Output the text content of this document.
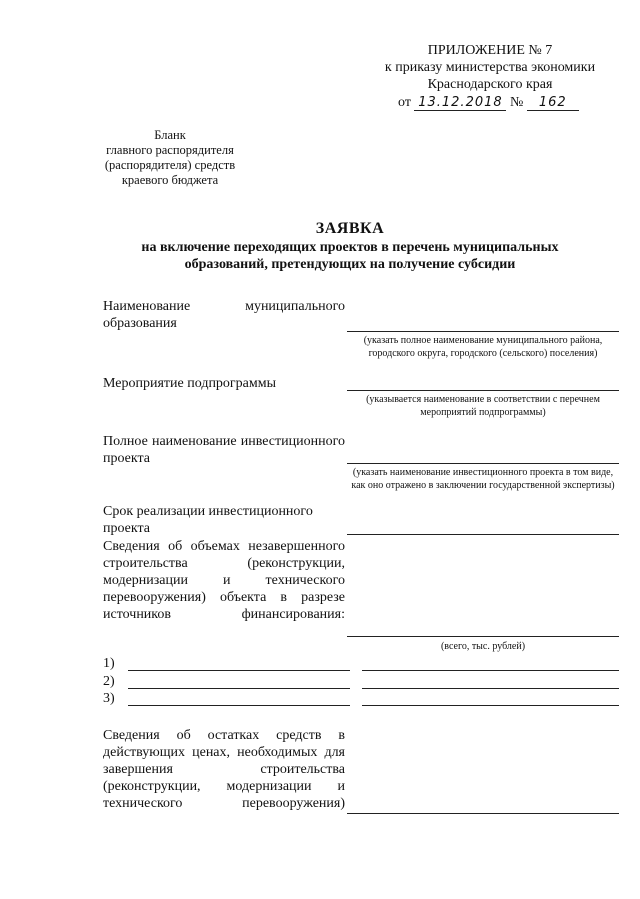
ПРИЛОЖЕНИЕ № 7
к приказу министерства экономики
Краснодарского края
от 13.12.2018 № 162
Бланк
главного распорядителя
(распорядителя) средств
краевого бюджета
ЗАЯВКА
на включение переходящих проектов в перечень муниципальных
образований, претендующих на получение субсидии
Наименование муниципального образования
(указать полное наименование муниципального района, городского округа, городского (сельского) поселения)
Мероприятие подпрограммы
(указывается наименование в соответствии с перечнем мероприятий подпрограммы)
Полное наименование инвестиционного проекта
(указать наименование инвестиционного проекта в том виде, как оно отражено в заключении государственной экспертизы)
Срок реализации инвестиционного проекта
Сведения об объемах незавершенного строительства (реконструкции, модернизации и технического перевооружения) объекта в разрезе источников финансирования:
(всего, тыс. рублей)
1)
2)
3)
Сведения об остатках средств в действующих ценах, необходимых для завершения строительства (реконструкции, модернизации и технического перевооружения)
